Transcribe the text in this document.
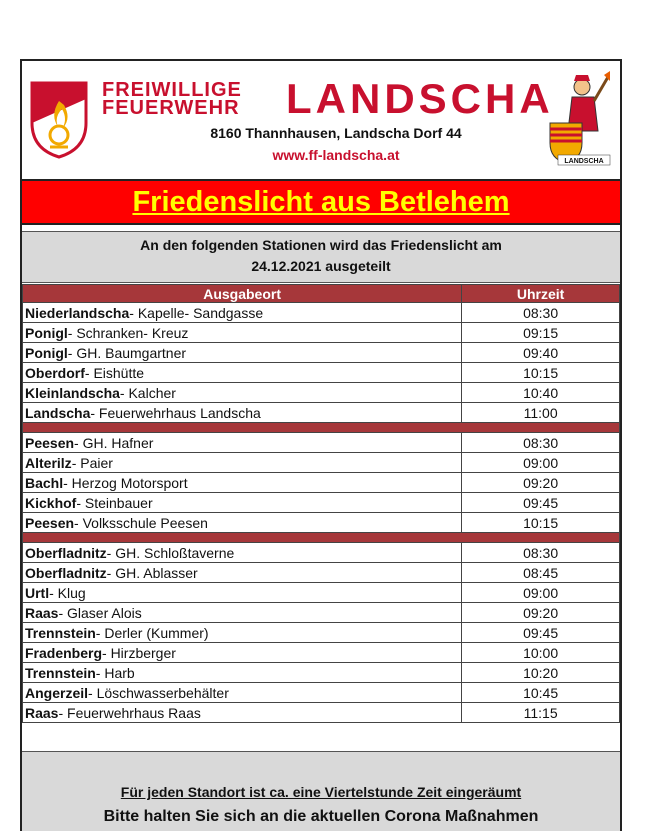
FREIWILLIGE
FEUERWEHR LANDSCHA
8160 Thannhausen, Landscha Dorf 44
www.ff-landscha.at	LANDSCHA
Friedenslicht aus Betlehem
An den folgenden Stationen wird das Friedenslicht am
24.12.2021 ausgeteilt
Ausgabeort	Uhrzeit
Niederlandscha- Kapelle- Sandgasse	08:30
Ponigl- Schranken- Kreuz	09:15
Ponigl- GH. Baumgartner	09:40
Oberdorf- Eishütte	10:15
Kleinlandscha- Kalcher	10:40
Landscha- Feuerwehrhaus Landscha	11:00

Peesen- GH. Hafner	08:30
Alterilz- Paier	09:00
Bachl- Herzog Motorsport	09:20
Kickhof- Steinbauer	09:45
Peesen- Volksschule Peesen	10:15

Oberfladnitz- GH. Schloßtaverne	08:30
Oberfladnitz- GH. Ablasser	08:45
Urtl- Klug	09:00
Raas- Glaser Alois	09:20
Trennstein- Derler (Kummer)	09:45
Fradenberg- Hirzberger	10:00
Trennstein- Harb	10:20
Angerzeil- Löschwasserbehälter	10:45
Raas- Feuerwehrhaus Raas	11:15
Für jeden Standort ist ca. eine Viertelstunde Zeit eingeräumt
Bitte halten Sie sich an die aktuellen Corona Maßnahmen
